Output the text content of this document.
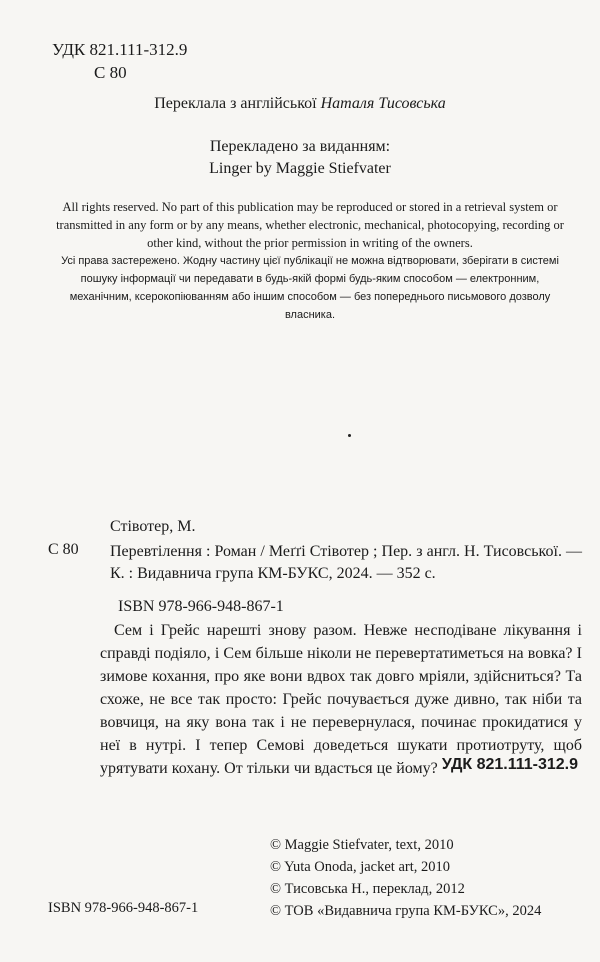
УДК 821.111-312.9
С 80
Переклала з англійської Наталя Тисовська
Перекладено за виданням:
Linger by Maggie Stiefvater
All rights reserved. No part of this publication may be reproduced or stored in a retrieval system or transmitted in any form or by any means, whether electronic, mechanical, photocopying, recording or other kind, without the prior permission in writing of the owners.
Усі права застережено. Жодну частину цієї публікації не можна відтворювати, зберігати в системі пошуку інформації чи передавати в будь-якій формі будь-яким способом — електронним, механічним, ксерокопіюванням або іншим способом — без попереднього письмового дозволу власника.
Стівотер, М.
С 80 Перевтілення : Роман / Меґґі Стівотер ; Пер. з англ. Н. Тисовської. — К. : Видавнича група КМ-БУКС, 2024. — 352 с.
ISBN 978-966-948-867-1
Сем і Грейс нарешті знову разом. Невже несподіване лікування і справді подіяло, і Сем більше ніколи не перевертатиметься на вовка? І зимове кохання, про яке вони вдвох так довго мріяли, здійсниться? Та схоже, не все так просто: Грейс почувається дуже дивно, так ніби та вовчиця, на яку вона так і не перевернулася, починає прокидатися у неї в нутрі. І тепер Семові доведеться шукати протиотруту, щоб урятувати кохану. От тільки чи вдасться це йому? УДК 821.111-312.9
© Maggie Stiefvater, text, 2010
© Yuta Onoda, jacket art, 2010
© Тисовська Н., переклад, 2012
© ТОВ «Видавнича група КМ-БУКС», 2024
ISBN 978-966-948-867-1
